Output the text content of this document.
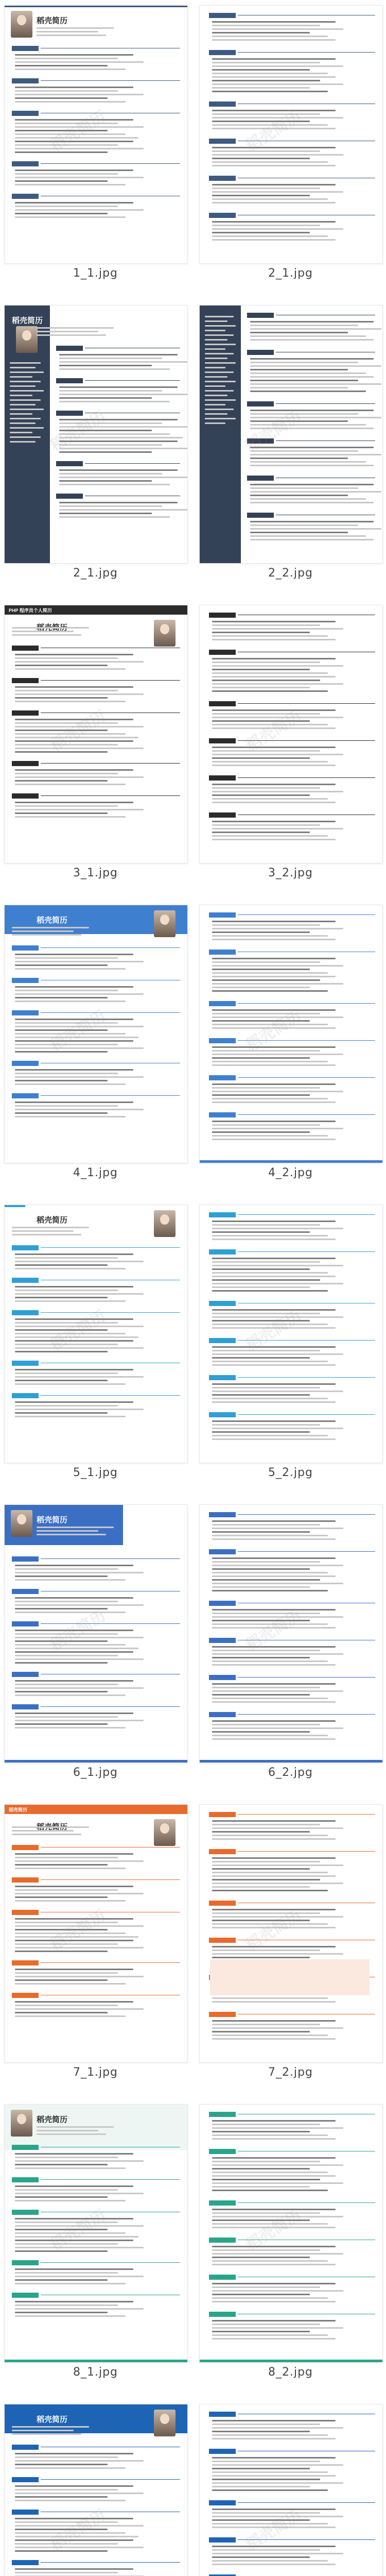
稻壳简历
1_1.jpg	2_1.jpg
稻壳简历
2_1.jpg	2_2.jpg
PHP 程序员个人简历
3_1.jpg	3_2.jpg
稻壳简历
4_1.jpg	4_2.jpg
稻壳简历
5_1.jpg	5_2.jpg
稻壳简历
6_1.jpg	6_2.jpg
稻壳简历
7_1.jpg	7_2.jpg
稻壳简历
8_1.jpg	8_2.jpg
稻壳简历
